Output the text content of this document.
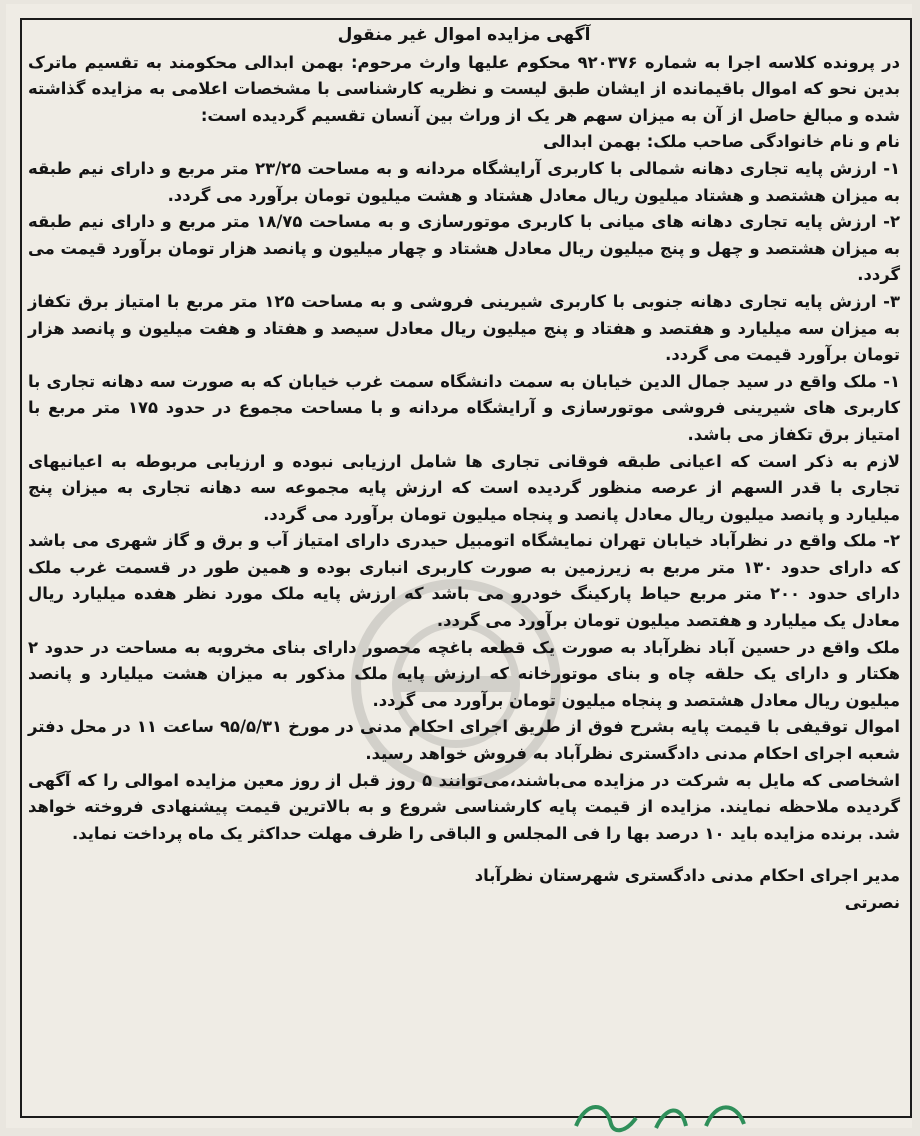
آگهی مزایده اموال غیر منقول

در پرونده کلاسه اجرا به شماره ۹۲۰۳۷۶ محکوم علیها وارث مرحوم: بهمن ابدالی محکومند به تقسیم ماترک بدین نحو که اموال باقیمانده از ایشان طبق لیست و نظریه کارشناسی با مشخصات اعلامی به مزایده گذاشته شده و مبالغ حاصل از آن به میزان سهم هر یک از وراث بین آنسان تقسیم گردیده است:

نام و نام خانوادگی صاحب ملک: بهمن ابدالی

۱- ارزش پایه تجاری دهانه شمالی با کاربری آرایشگاه مردانه و به مساحت ۲۳/۲۵ متر مربع و دارای نیم طبقه به میزان هشتصد و هشتاد میلیون ریال معادل هشتاد و هشت میلیون تومان برآورد می گردد.

۲- ارزش پایه تجاری دهانه های میانی با کاربری موتورسازی و به مساحت ۱۸/۷۵ متر مربع و دارای نیم طبقه به میزان هشتصد و چهل و پنج میلیون ریال معادل هشتاد و چهار میلیون و پانصد هزار تومان برآورد قیمت می گردد.

۳- ارزش پایه تجاری دهانه جنوبی با کاربری شیرینی فروشی و به مساحت ۱۲۵ متر مربع با امتیاز برق تکفاز به میزان سه میلیارد و هفتصد و هفتاد و پنج میلیون ریال معادل سیصد و هفتاد و هفت میلیون و پانصد هزار تومان برآورد قیمت می گردد.

۱- ملک واقع در سید جمال الدین خیابان به سمت دانشگاه سمت غرب خیابان که به صورت سه دهانه تجاری با کاربری های شیرینی فروشی موتورسازی و آرایشگاه مردانه و با مساحت مجموع در حدود ۱۷۵ متر مربع با امتیاز برق تکفاز می باشد.

لازم به ذکر است که اعیانی طبقه فوقانی تجاری ها شامل ارزیابی نبوده و ارزیابی مربوطه به اعیانیهای تجاری با قدر السهم از عرصه منظور گردیده است که ارزش پایه مجموعه سه دهانه تجاری به میزان پنج میلیارد و پانصد میلیون ریال معادل پانصد و پنجاه میلیون تومان برآورد می گردد.

۲- ملک واقع در نظرآباد خیابان تهران نمایشگاه اتومبیل حیدری دارای امتیاز آب و برق و گاز شهری می باشد که دارای حدود ۱۳۰ متر مربع به زیرزمین به صورت کاربری انباری بوده و همین طور در قسمت غرب ملک دارای حدود ۲۰۰ متر مربع حیاط پارکینگ خودرو می باشد که ارزش پایه ملک مورد نظر هفده میلیارد ریال معادل یک میلیارد و هفتصد میلیون تومان برآورد می گردد.

ملک واقع در حسین آباد نظرآباد به صورت یک قطعه باغچه محصور دارای بنای مخروبه به مساحت در حدود ۲ هکتار و دارای یک حلقه چاه و بنای موتورخانه که ارزش پایه ملک مذکور به میزان هشت میلیارد و پانصد میلیون ریال معادل هشتصد و پنجاه میلیون تومان برآورد می گردد.

اموال توقیفی با قیمت پایه بشرح فوق از طریق اجرای احکام مدنی در مورخ ۹۵/۵/۳۱ ساعت ۱۱ در محل دفتر شعبه اجرای احکام مدنی دادگستری نظرآباد به فروش خواهد رسید.

اشخاصی که مایل به شرکت در مزایده می‌باشند،می‌توانند ۵ روز قبل از روز معین مزایده اموالی را که آگهی گردیده ملاحظه نمایند. مزایده از قیمت پایه کارشناسی شروع و به بالاترین قیمت پیشنهادی فروخته خواهد شد. برنده مزایده باید ۱۰ درصد بها را فی المجلس و الباقی را ظرف مهلت حداکثر یک ماه پرداخت نماید.

مدیر اجرای احکام مدنی دادگستری شهرستان نظرآباد

نصرتی
